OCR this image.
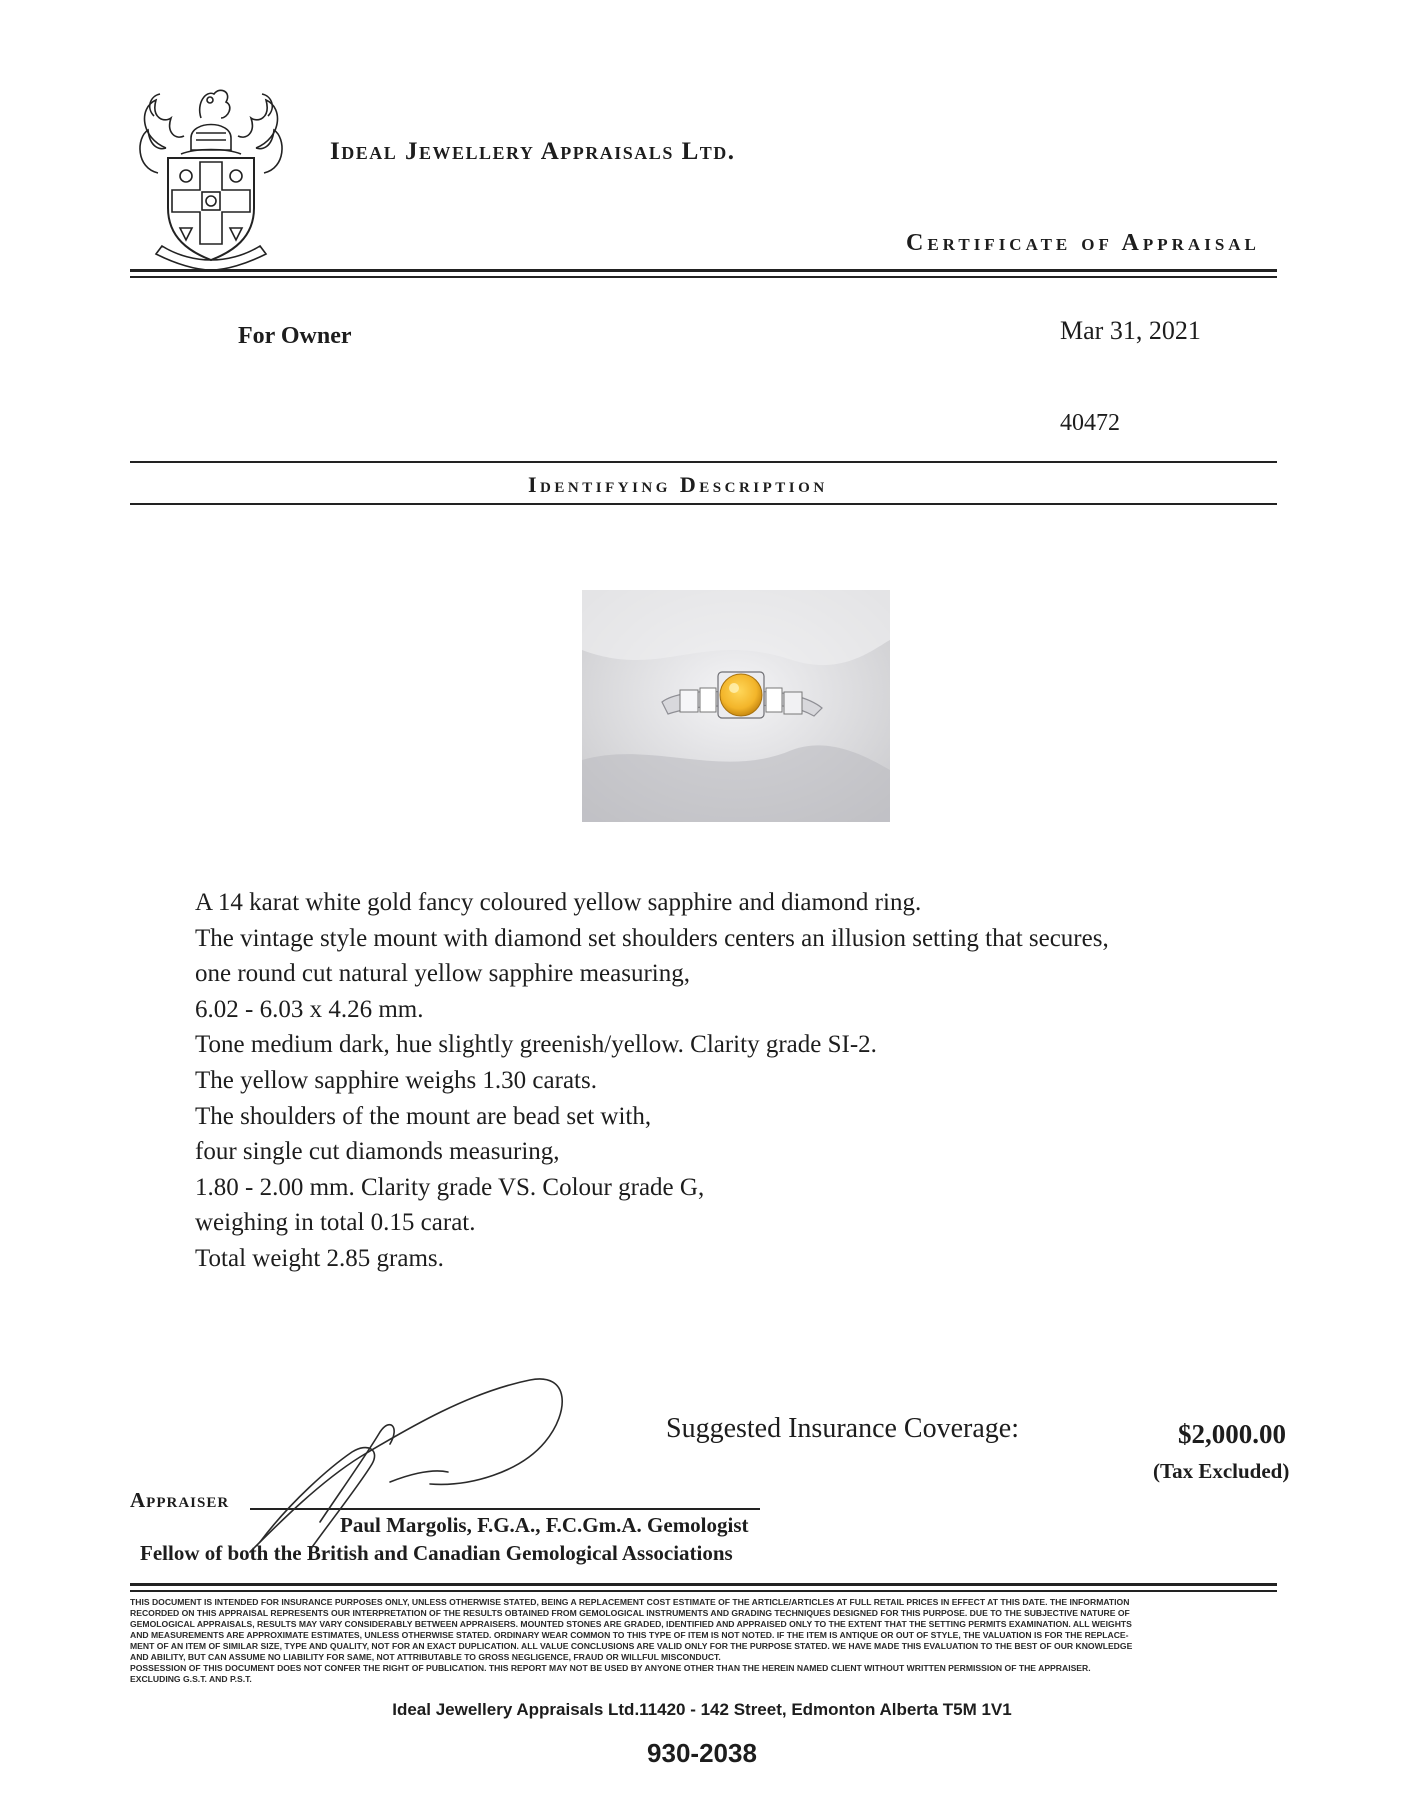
Ideal Jewellery Appraisals Ltd.
Certificate of Appraisal
For Owner	Mar 31, 2021
40472
Identifying Description
A 14 karat white gold fancy coloured yellow sapphire and diamond ring.
The vintage style mount with diamond set shoulders centers an illusion setting that secures,
one round cut natural yellow sapphire measuring,
6.02 - 6.03 x 4.26 mm.
Tone medium dark, hue slightly greenish/yellow. Clarity grade SI-2.
The yellow sapphire weighs 1.30 carats.
The shoulders of the mount are bead set with,
four single cut diamonds measuring,
1.80 - 2.00 mm. Clarity grade VS. Colour grade G,
weighing in total 0.15 carat.
Total weight 2.85 grams.
Suggested Insurance Coverage:	$2,000.00
(Tax Excluded)
Appraiser
Paul Margolis, F.G.A., F.C.Gm.A. Gemologist
Fellow of both the British and Canadian Gemological Associations
THIS DOCUMENT IS INTENDED FOR INSURANCE PURPOSES ONLY, UNLESS OTHERWISE STATED, BEING A REPLACEMENT COST ESTIMATE OF THE ARTICLE/ARTICLES AT FULL RETAIL PRICES IN EFFECT AT THIS DATE. THE INFORMATION
RECORDED ON THIS APPRAISAL REPRESENTS OUR INTERPRETATION OF THE RESULTS OBTAINED FROM GEMOLOGICAL INSTRUMENTS AND GRADING TECHNIQUES DESIGNED FOR THIS PURPOSE. DUE TO THE SUBJECTIVE NATURE OF
GEMOLOGICAL APPRAISALS, RESULTS MAY VARY CONSIDERABLY BETWEEN APPRAISERS. MOUNTED STONES ARE GRADED, IDENTIFIED AND APPRAISED ONLY TO THE EXTENT THAT THE SETTING PERMITS EXAMINATION. ALL WEIGHTS
AND MEASUREMENTS ARE APPROXIMATE ESTIMATES, UNLESS OTHERWISE STATED. ORDINARY WEAR COMMON TO THIS TYPE OF ITEM IS NOT NOTED. IF THE ITEM IS ANTIQUE OR OUT OF STYLE, THE VALUATION IS FOR THE REPLACE-
MENT OF AN ITEM OF SIMILAR SIZE, TYPE AND QUALITY, NOT FOR AN EXACT DUPLICATION. ALL VALUE CONCLUSIONS ARE VALID ONLY FOR THE PURPOSE STATED. WE HAVE MADE THIS EVALUATION TO THE BEST OF OUR KNOWLEDGE
AND ABILITY, BUT CAN ASSUME NO LIABILITY FOR SAME, NOT ATTRIBUTABLE TO GROSS NEGLIGENCE, FRAUD OR WILLFUL MISCONDUCT.
POSSESSION OF THIS DOCUMENT DOES NOT CONFER THE RIGHT OF PUBLICATION. THIS REPORT MAY NOT BE USED BY ANYONE OTHER THAN THE HEREIN NAMED CLIENT WITHOUT WRITTEN PERMISSION OF THE APPRAISER.
EXCLUDING G.S.T. AND P.S.T.
Ideal Jewellery Appraisals Ltd.11420 - 142 Street, Edmonton Alberta T5M 1V1
930-2038
